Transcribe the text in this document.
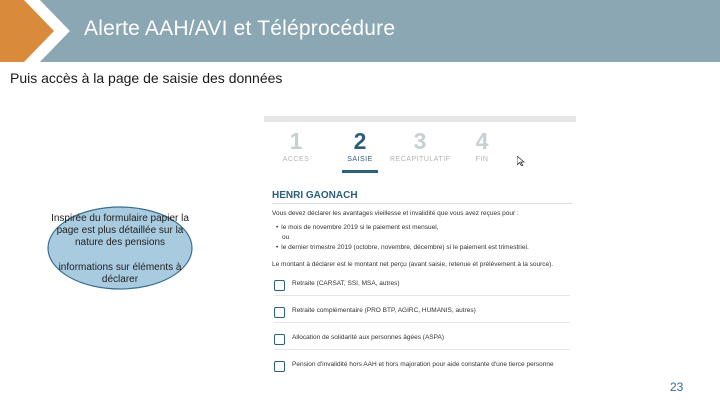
Alerte AAH/AVI et Téléprocédure
Puis accès à la page de saisie des données
1
ACCES
2
SAISIE
3
RECAPITULATIF
4
FIN
HENRI GAONACH
Vous devez déclarer les avantages vieillesse et invalidité que vous avez reçues pour :
• le mois de novembre 2019 si le paiement est mensuel,
ou
• le dernier trimestre 2019 (octobre, novembre, décembre) si le paiement est trimestriel.
Le montant à déclarer est le montant net perçu (avant saisie, retenue et prélèvement à la source).
Retraite (CARSAT, SSI, MSA, autres)
Retraite complémentaire (PRO BTP, AGIRC, HUMANIS, autres)
Allocation de solidarité aux personnes âgées (ASPA)
Pension d'invalidité hors AAH et hors majoration pour aide constante d'une tierce personne
Inspirée du formulaire papier la page est plus détaillée sur la nature des pensions
informations sur éléments à déclarer
23
